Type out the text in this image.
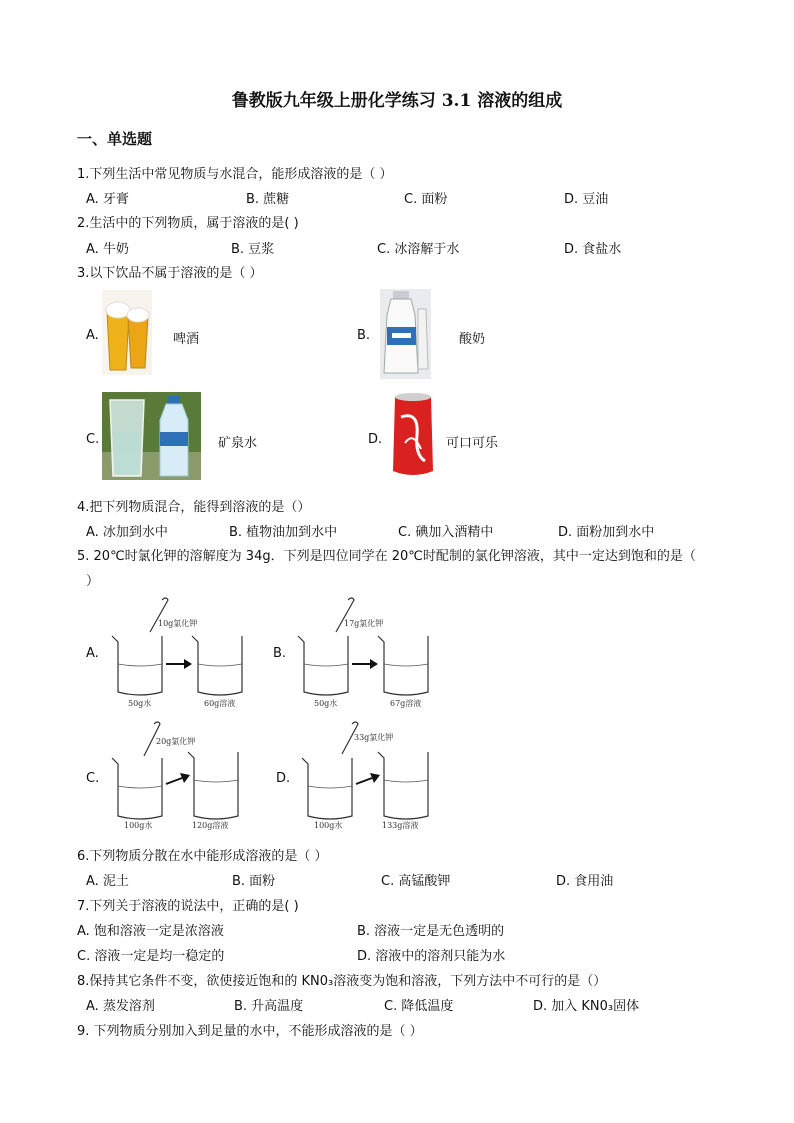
鲁教版九年级上册化学练习 3.1 溶液的组成
一、单选题
1.下列生活中常见物质与水混合，能形成溶液的是（ ）
A. 牙膏	B. 蔗糖	C. 面粉	D. 豆油
2.生活中的下列物质，属于溶液的是( )
A. 牛奶	B. 豆浆	C. 冰溶解于水	D. 食盐水
3.以下饮品不属于溶液的是（ ）
A.	啤酒	B.	酸奶
C.	矿泉水	D.	可口可乐
4.把下列物质混合，能得到溶液的是（）
A. 冰加到水中	B. 植物油加到水中	C. 碘加入酒精中	D. 面粉加到水中
5. 20℃时氯化钾的溶解度为 34g．下列是四位同学在 20℃时配制的氯化钾溶液，其中一定达到饱和的是（
）
A.
10g氯化钾
50g水	60g溶液
B.
17g氯化钾
50g水	67g溶液
C.
20g氯化钾
100g水	120g溶液
D.
33g氯化钾
100g水	133g溶液
6.下列物质分散在水中能形成溶液的是（ ）
A. 泥土	B. 面粉	C. 高锰酸钾	D. 食用油
7.下列关于溶液的说法中，正确的是( )
A. 饱和溶液一定是浓溶液	B. 溶液一定是无色透明的
C. 溶液一定是均一稳定的	D. 溶液中的溶剂只能为水
8.保持其它条件不变，欲使接近饱和的 KN0₃溶液变为饱和溶液，下列方法中不可行的是（）
A. 蒸发溶剂	B. 升高温度	C. 降低温度	D. 加入 KN0₃固体
9. 下列物质分别加入到足量的水中，不能形成溶液的是（ ）
